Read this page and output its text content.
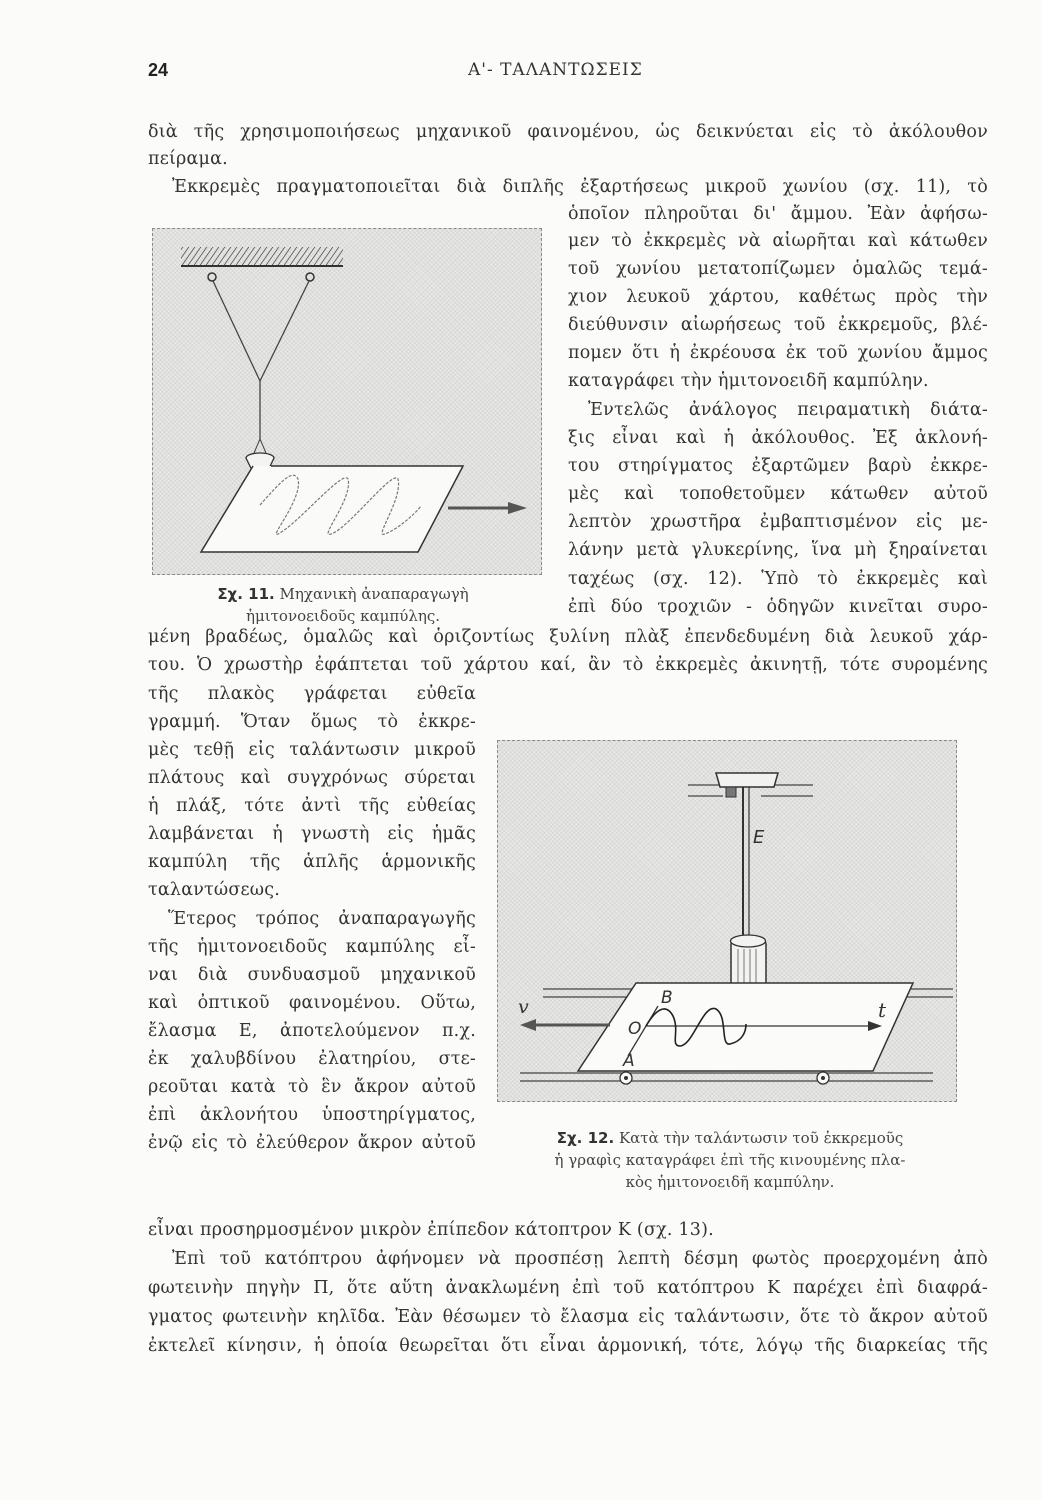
24	Α'- ΤΑΛΑΝΤΩΣΕΙΣ
διὰ τῆς χρησιμοποιήσεως μηχανικοῦ φαινομένου, ὡς δεικνύεται εἰς τὸ ἀκόλουθον
πείραμα.
Ἐκκρεμὲς πραγματοποιεῖται διὰ διπλῆς ἐξαρτήσεως μικροῦ χωνίου (σχ. 11), τὸ
Σχ. 11. Μηχανικὴ ἀναπαραγωγὴ
ἡμιτονοειδοῦς καμπύλης.
ὁποῖον πληροῦται δι' ἄμμου. Ἐὰν ἀφήσω-
μεν τὸ ἐκκρεμὲς νὰ αἰωρῆται καὶ κάτωθεν
τοῦ χωνίου μετατοπίζωμεν ὁμαλῶς τεμά-
χιον λευκοῦ χάρτου, καθέτως πρὸς τὴν
διεύθυνσιν αἰωρήσεως τοῦ ἐκκρεμοῦς, βλέ-
πομεν ὅτι ἡ ἐκρέουσα ἐκ τοῦ χωνίου ἄμμος
καταγράφει τὴν ἡμιτονοειδῆ καμπύλην.
Ἐντελῶς ἀνάλογος πειραματικὴ διάτα-
ξις εἶναι καὶ ἡ ἀκόλουθος. Ἐξ ἀκλονή-
του στηρίγματος ἐξαρτῶμεν βαρὺ ἐκκρε-
μὲς καὶ τοποθετοῦμεν κάτωθεν αὐτοῦ
λεπτὸν χρωστῆρα ἐμβαπτισμένον εἰς με-
λάνην μετὰ γλυκερίνης, ἵνα μὴ ξηραίνεται
ταχέως (σχ. 12). Ὑπὸ τὸ ἐκκρεμὲς καὶ
ἐπὶ δύο τροχιῶν - ὁδηγῶν κινεῖται συρο-
μένη βραδέως, ὁμαλῶς καὶ ὁριζοντίως ξυλίνη πλὰξ ἐπενδεδυμένη διὰ λευκοῦ χάρ-
του. Ὁ χρωστὴρ ἐφάπτεται τοῦ χάρτου καί, ἂν τὸ ἐκκρεμὲς ἀκινητῇ, τότε συρομένης
τῆς πλακὸς γράφεται εὐθεῖα
γραμμή. Ὅταν ὅμως τὸ ἐκκρε-
μὲς τεθῇ εἰς ταλάντωσιν μικροῦ
πλάτους καὶ συγχρόνως σύρεται
ἡ πλάξ, τότε ἀντὶ τῆς εὐθείας
λαμβάνεται ἡ γνωστὴ εἰς ἡμᾶς
καμπύλη τῆς ἁπλῆς ἁρμονικῆς
ταλαντώσεως.
Ἕτερος τρόπος ἀναπαραγωγῆς
τῆς ἡμιτονοειδοῦς καμπύλης εἶ-
ναι διὰ συνδυασμοῦ μηχανικοῦ
καὶ ὀπτικοῦ φαινομένου. Οὕτω,
ἔλασμα Ε, ἀποτελούμενον π.χ.
ἐκ χαλυβδίνου ἐλατηρίου, στε-
ρεοῦται κατὰ τὸ ἓν ἄκρον αὐτοῦ
ἐπὶ ἀκλονήτου ὑποστηρίγματος,
ἐνῷ εἰς τὸ ἐλεύθερον ἄκρον αὐτοῦ
E
v	B
O
A
t
Σχ. 12. Κατὰ τὴν ταλάντωσιν τοῦ ἐκκρεμοῦς
ἡ γραφὶς καταγράφει ἐπὶ τῆς κινουμένης πλα-
κὸς ἡμιτονοειδῆ καμπύλην.
εἶναι προσηρμοσμένον μικρὸν ἐπίπεδον κάτοπτρον Κ (σχ. 13).
Ἐπὶ τοῦ κατόπτρου ἀφήνομεν νὰ προσπέσῃ λεπτὴ δέσμη φωτὸς προερχομένη ἀπὸ
φωτεινὴν πηγὴν Π, ὅτε αὕτη ἀνακλωμένη ἐπὶ τοῦ κατόπτρου Κ παρέχει ἐπὶ διαφρά-
γματος φωτεινὴν κηλῖδα. Ἐὰν θέσωμεν τὸ ἔλασμα εἰς ταλάντωσιν, ὅτε τὸ ἄκρον αὐτοῦ
ἐκτελεῖ κίνησιν, ἡ ὁποία θεωρεῖται ὅτι εἶναι ἁρμονική, τότε, λόγῳ τῆς διαρκείας τῆς
